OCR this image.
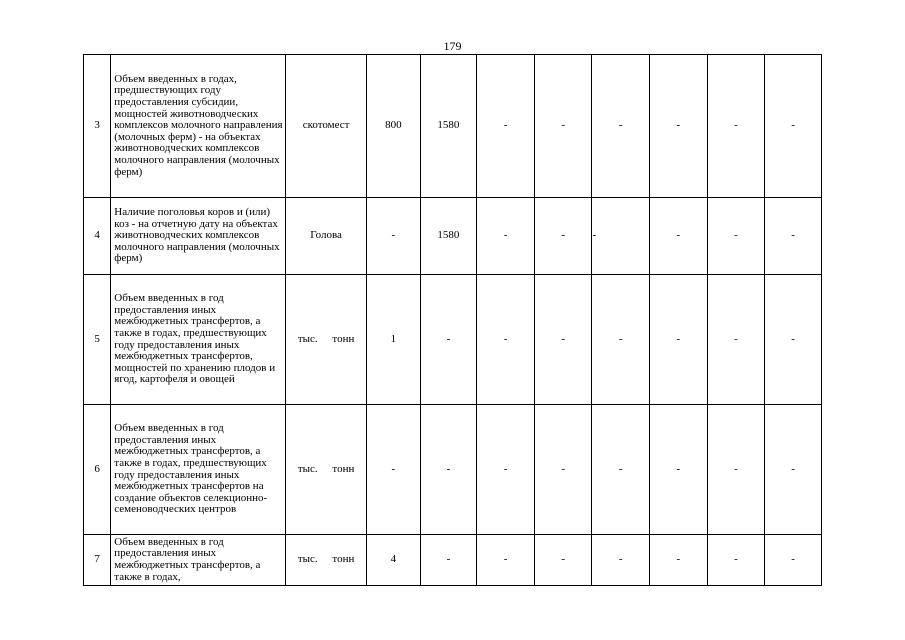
179
3	Объем введенных в годах, предшествующих году предоставления субсидии, мощностей животноводческих комплексов молочного направления (молочных ферм) - на объектах животноводческих комплексов молочного направления (молочных ферм)	скотомест	800	1580	-	-	-	-	-	-
4	Наличие поголовья коров и (или) коз - на отчетную дату на объектах животноводческих комплексов молочного направления (молочных ферм)	Голова	-	1580	-	-	-	-	-	-
5	Объем введенных в год предоставления иных межбюджетных трансфертов, а также в годах, предшествующих году предоставления иных межбюджетных трансфертов, мощностей по хранению плодов и ягод, картофеля и овощей	тыс. тонн	1	-	-	-	-	-	-	-
6	Объем введенных в год предоставления иных межбюджетных трансфертов, а также в годах, предшествующих году предоставления иных межбюджетных трансфертов на создание объектов селекционно-семеноводческих центров	тыс. тонн	-	-	-	-	-	-	-	-
7	Объем введенных в год предоставления иных межбюджетных трансфертов, а также в годах,	тыс. тонн	4	-	-	-	-	-	-	-
